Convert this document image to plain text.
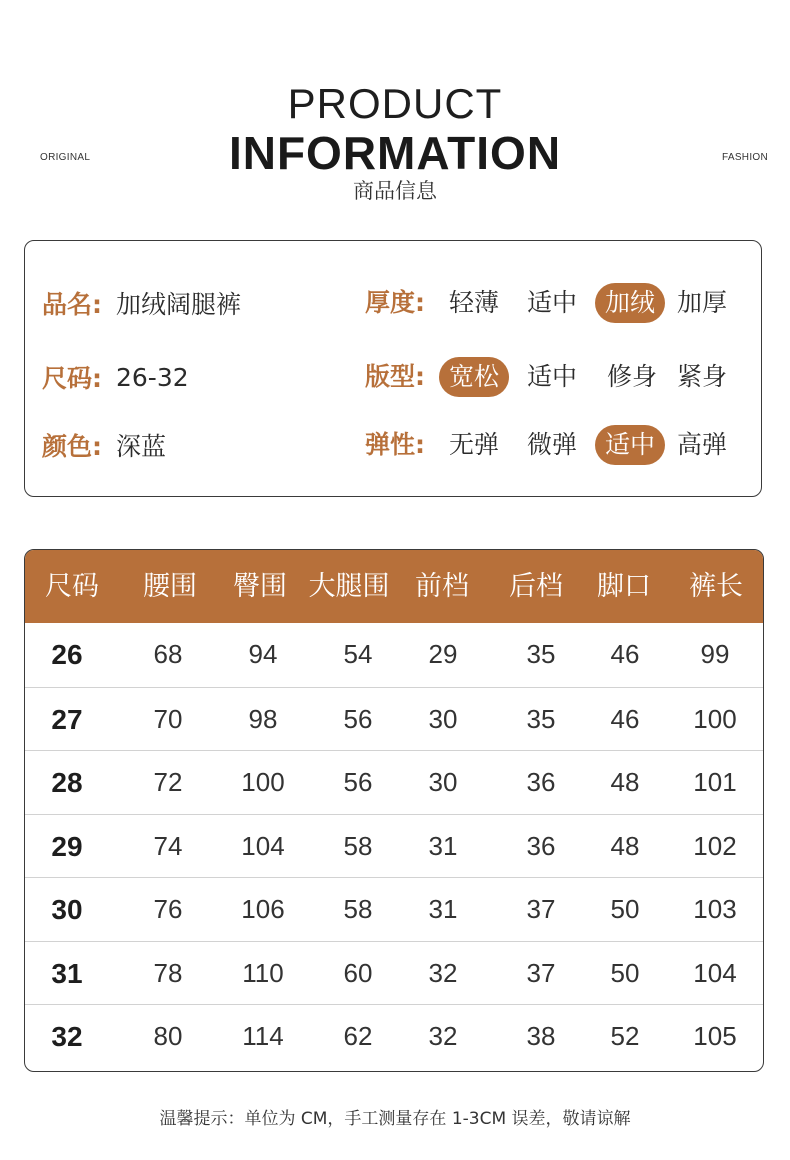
ORIGINAL	FASHION
PRODUCT
INFORMATION
商品信息
品名: 加绒阔腿裤
尺码: 26-32
颜色: 深蓝
厚度: 轻薄	适中	加绒 加厚
版型: 宽松	适中	修身 紧身
弹性: 无弹	微弹	适中 高弹
尺码	腰围	臀围 大腿围 前档	后档	脚口	裤长
26	68	94	54	29	35	46	99
27	70	98	56	30	35	46	100
28	72	100	56	30	36	48	101
29	74	104	58	31	36	48	102
30	76	106	58	31	37	50	103
31	78	110	60	32	37	50	104
32	80	114	62	32	38	52	105
温馨提示：单位为 CM，手工测量存在 1-3CM 误差，敬请谅解
